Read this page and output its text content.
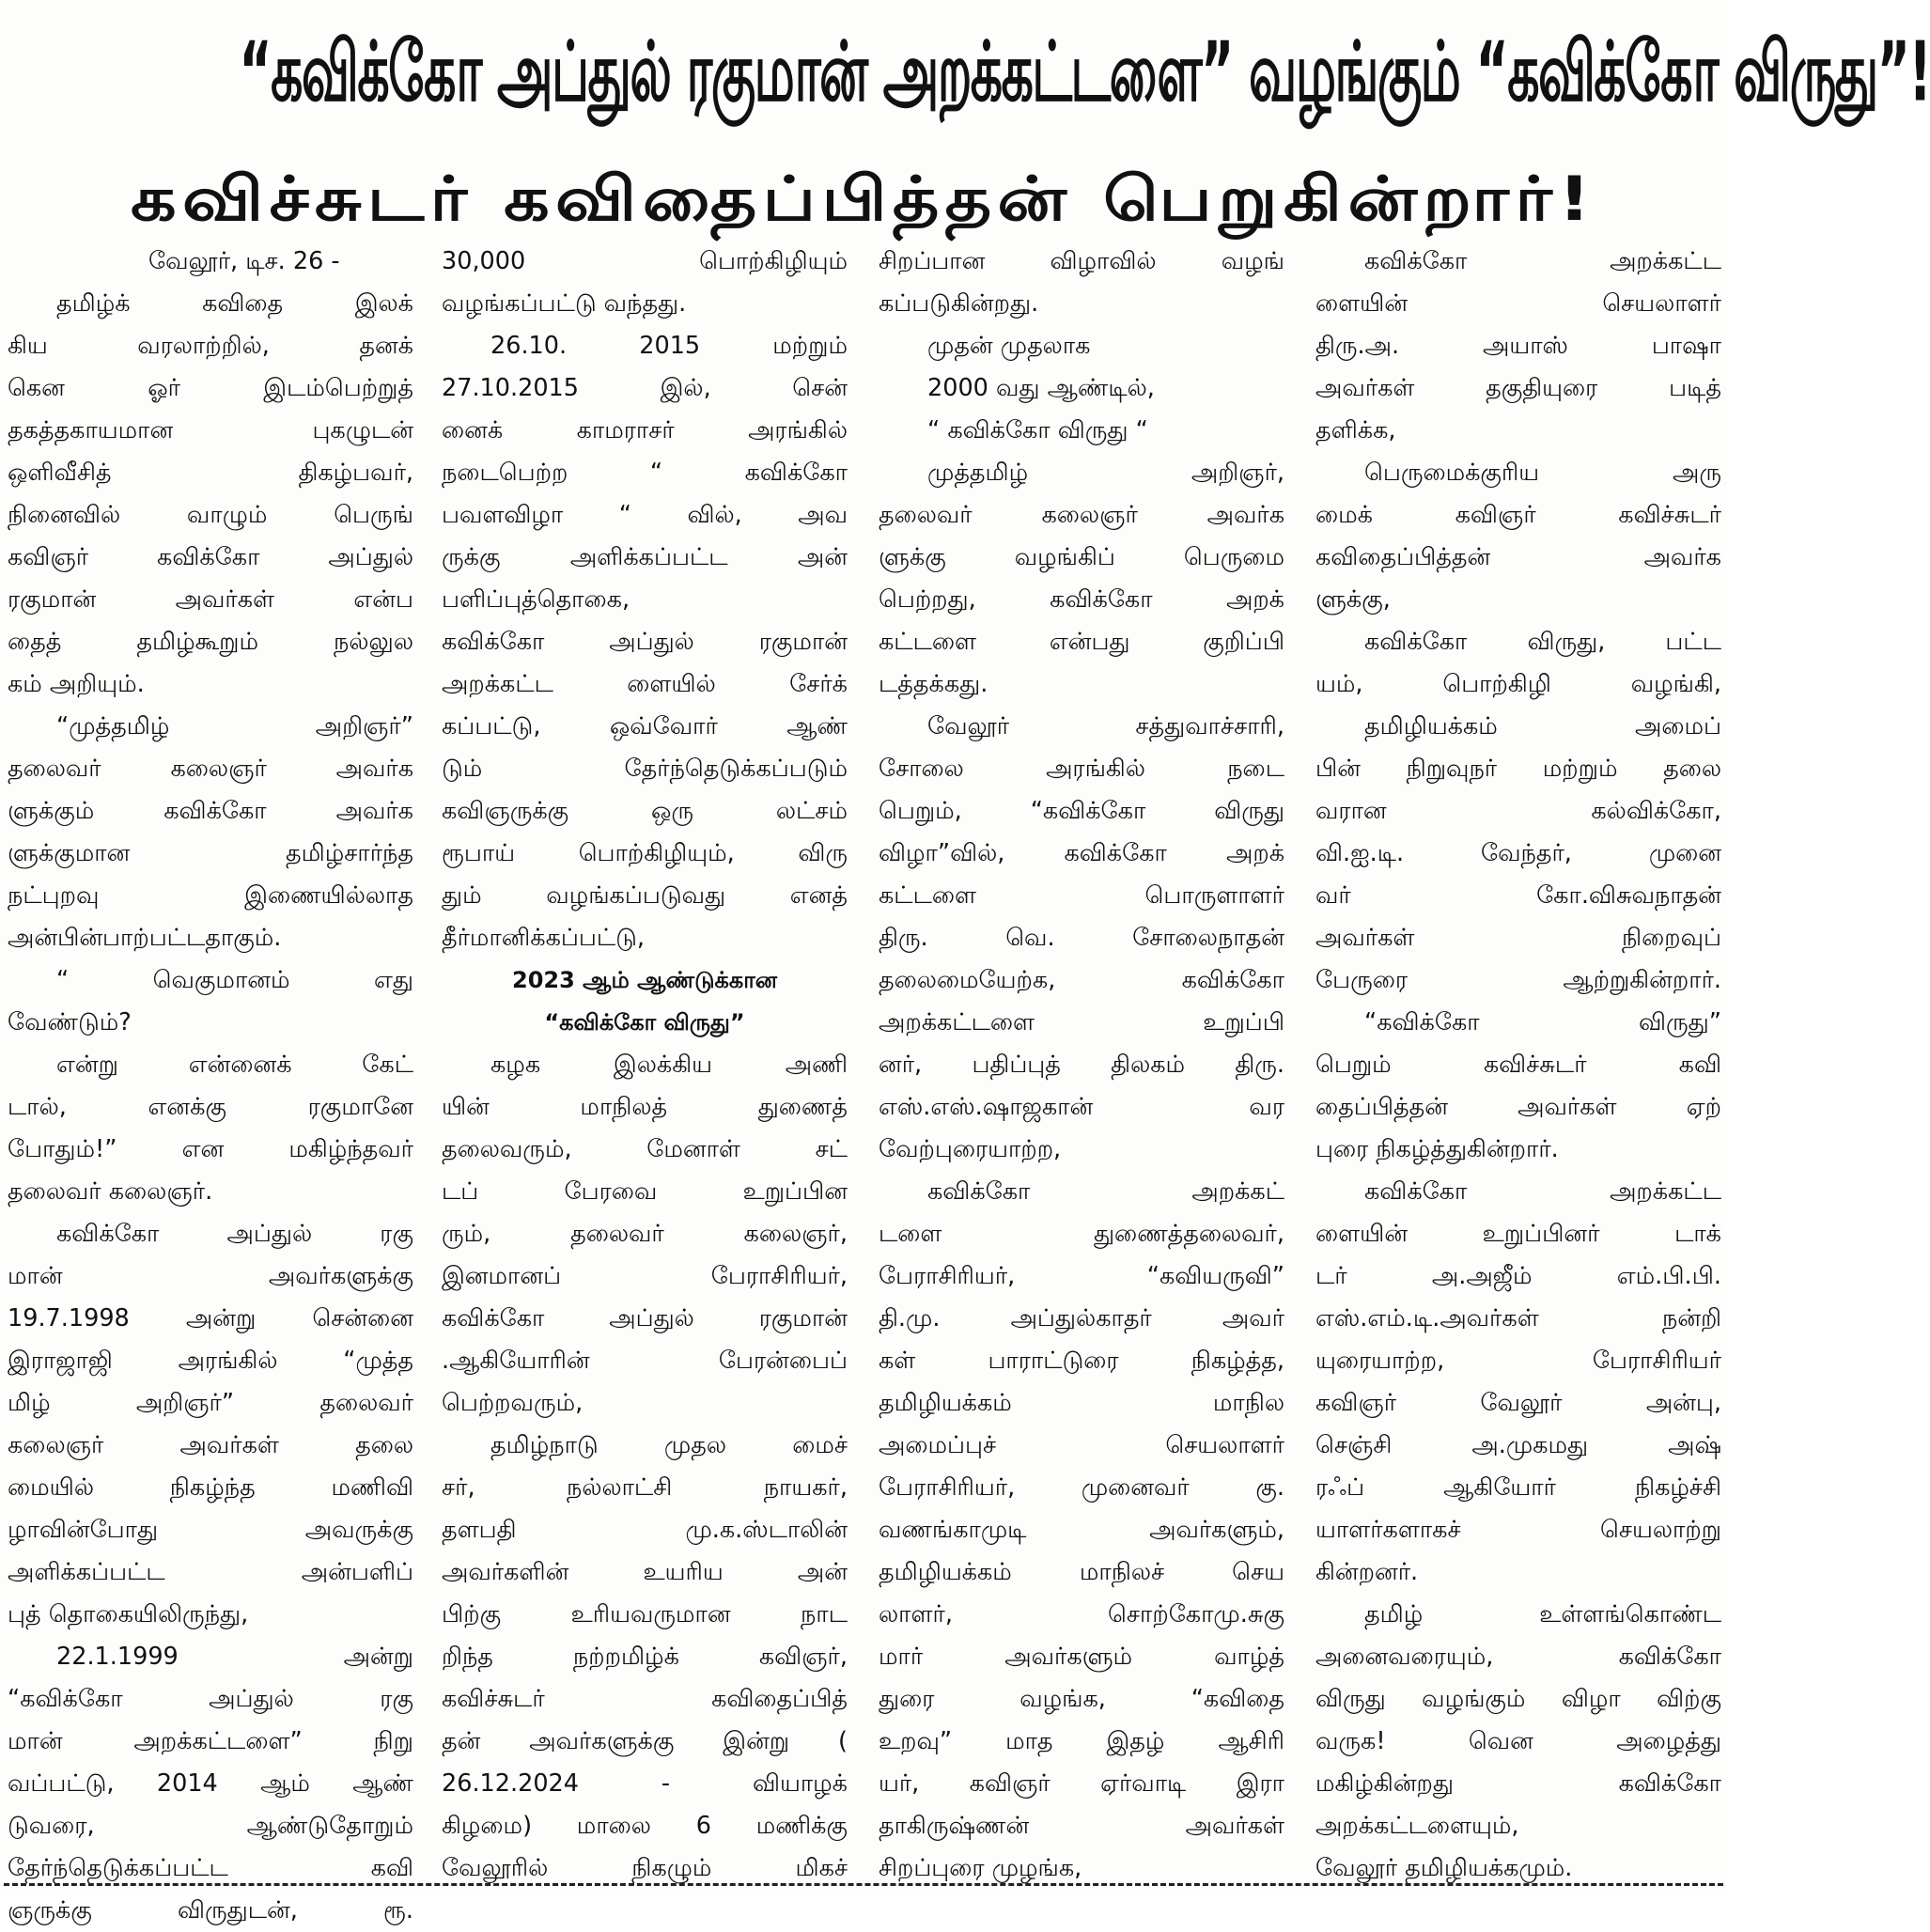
“கவிக்கோ அப்துல் ரகுமான் அறக்கட்டளை” வழங்கும் “கவிக்கோ விருது”!
கவிச்சுடர் கவிதைப்பித்தன் பெறுகின்றார்!
வேலூர், டிச. 26 -
தமிழ்க் கவிதை இலக்
கிய வரலாற்றில், தனக்
கென ஓர் இடம்பெற்றுத்
தகத்தகாயமான புகழுடன்
ஒளிவீசித் திகழ்பவர்,
நினைவில் வாழும் பெருங்
கவிஞர் கவிக்கோ அப்துல்
ரகுமான் அவர்கள் என்ப
தைத் தமிழ்கூறும் நல்லுல
கம் அறியும்.
“முத்தமிழ் அறிஞர்”
தலைவர் கலைஞர் அவர்க
ளுக்கும் கவிக்கோ அவர்க
ளுக்குமான தமிழ்சார்ந்த
நட்புறவு இணையில்லாத
அன்பின்பாற்பட்டதாகும்.
“ வெகுமானம் எது
வேண்டும்?
என்று என்னைக் கேட்
டால், எனக்கு ரகுமானே
போதும்!” என மகிழ்ந்தவர்
தலைவர் கலைஞர்.
கவிக்கோ அப்துல் ரகு
மான் அவர்களுக்கு
19.7.1998 அன்று சென்னை
இராஜாஜி அரங்கில் “முத்த
மிழ் அறிஞர்” தலைவர்
கலைஞர் அவர்கள் தலை
மையில் நிகழ்ந்த மணிவி
ழாவின்போது அவருக்கு
அளிக்கப்பட்ட அன்பளிப்
புத் தொகையிலிருந்து,
22.1.1999 அன்று
“கவிக்கோ அப்துல் ரகு
மான் அறக்கட்டளை” நிறு
வப்பட்டு, 2014 ஆம் ஆண்
டுவரை, ஆண்டுதோறும்
தேர்ந்தெடுக்கப்பட்ட கவி
ஞருக்கு விருதுடன், ரூ.
30,000 பொற்கிழியும்
வழங்கப்பட்டு வந்தது.
26.10. 2015 மற்றும்
27.10.2015 இல், சென்
னைக் காமராசர் அரங்கில்
நடைபெற்ற “ கவிக்கோ
பவளவிழா “ வில், அவ
ருக்கு அளிக்கப்பட்ட அன்
பளிப்புத்தொகை,
கவிக்கோ அப்துல் ரகுமான்
அறக்கட்ட ளையில் சேர்க்
கப்பட்டு, ஒவ்வோர் ஆண்
டும் தேர்ந்தெடுக்கப்படும்
கவிஞருக்கு ஒரு லட்சம்
ரூபாய் பொற்கிழியும், விரு
தும் வழங்கப்படுவது எனத்
தீர்மானிக்கப்பட்டு,
2023 ஆம் ஆண்டுக்கான
“கவிக்கோ விருது”
கழக இலக்கிய அணி
யின் மாநிலத் துணைத்
தலைவரும், மேனாள் சட்
டப் பேரவை உறுப்பின
ரும், தலைவர் கலைஞர்,
இனமானப் பேராசிரியர்,
கவிக்கோ அப்துல் ரகுமான்
.ஆகியோரின் பேரன்பைப்
பெற்றவரும்,
தமிழ்நாடு முதல மைச்
சர், நல்லாட்சி நாயகர்,
தளபதி மு.க.ஸ்டாலின்
அவர்களின் உயரிய அன்
பிற்கு உரியவருமான நாட
றிந்த நற்றமிழ்க் கவிஞர்,
கவிச்சுடர் கவிதைப்பித்
தன் அவர்களுக்கு இன்று (
26.12.2024 - வியாழக்
கிழமை) மாலை 6 மணிக்கு
வேலூரில் நிகழும் மிகச்
சிறப்பான விழாவில் வழங்
கப்படுகின்றது.
முதன் முதலாக
2000 வது ஆண்டில்,
“ கவிக்கோ விருது “
முத்தமிழ் அறிஞர்,
தலைவர் கலைஞர் அவர்க
ளுக்கு வழங்கிப் பெருமை
பெற்றது, கவிக்கோ அறக்
கட்டளை என்பது குறிப்பி
டத்தக்கது.
வேலூர் சத்துவாச்சாரி,
சோலை அரங்கில் நடை
பெறும், “கவிக்கோ விருது
விழா”வில், கவிக்கோ அறக்
கட்டளை பொருளாளர்
திரு. வெ. சோலைநாதன்
தலைமையேற்க, கவிக்கோ
அறக்கட்டளை உறுப்பி
னர், பதிப்புத் திலகம் திரு.
எஸ்.எஸ்.ஷாஜகான் வர
வேற்புரையாற்ற,
கவிக்கோ அறக்கட்
டளை துணைத்தலைவர்,
பேராசிரியர், “கவியருவி”
தி.மு. அப்துல்காதர் அவர்
கள் பாராட்டுரை நிகழ்த்த,
தமிழியக்கம் மாநில
அமைப்புச் செயலாளர்
பேராசிரியர், முனைவர் கு.
வணங்காமுடி அவர்களும்,
தமிழியக்கம் மாநிலச் செய
லாளர், சொற்கோமு.சுகு
மார் அவர்களும் வாழ்த்
துரை வழங்க, “கவிதை
உறவு” மாத இதழ் ஆசிரி
யர், கவிஞர் ஏர்வாடி இரா
தாகிருஷ்ணன் அவர்கள்
சிறப்புரை முழங்க,
கவிக்கோ அறக்கட்ட
ளையின் செயலாளர்
திரு.அ. அயாஸ் பாஷா
அவர்கள் தகுதியுரை படித்
தளிக்க,
பெருமைக்குரிய அரு
மைக் கவிஞர் கவிச்சுடர்
கவிதைப்பித்தன் அவர்க
ளுக்கு,
கவிக்கோ விருது, பட்ட
யம், பொற்கிழி வழங்கி,
தமிழியக்கம் அமைப்
பின் நிறுவுநர் மற்றும் தலை
வரான கல்விக்கோ,
வி.ஐ.டி. வேந்தர், முனை
வர் கோ.விசுவநாதன்
அவர்கள் நிறைவுப்
பேருரை ஆற்றுகின்றார்.
“கவிக்கோ விருது”
பெறும் கவிச்சுடர் கவி
தைப்பித்தன் அவர்கள் ஏற்
புரை நிகழ்த்துகின்றார்.
கவிக்கோ அறக்கட்ட
ளையின் உறுப்பினர் டாக்
டர் அ.அஜீம் எம்.பி.பி.
எஸ்.எம்.டி.அவர்கள் நன்றி
யுரையாற்ற, பேராசிரியர்
கவிஞர் வேலூர் அன்பு,
செஞ்சி அ.முகமது அஷ்
ரஃப் ஆகியோர் நிகழ்ச்சி
யாளர்களாகச் செயலாற்று
கின்றனர்.
தமிழ் உள்ளங்கொண்ட
அனைவரையும், கவிக்கோ
விருது வழங்கும் விழா விற்கு
வருக! வென அழைத்து
மகிழ்கின்றது கவிக்கோ
அறக்கட்டளையும்,
வேலூர் தமிழியக்கமும்.
